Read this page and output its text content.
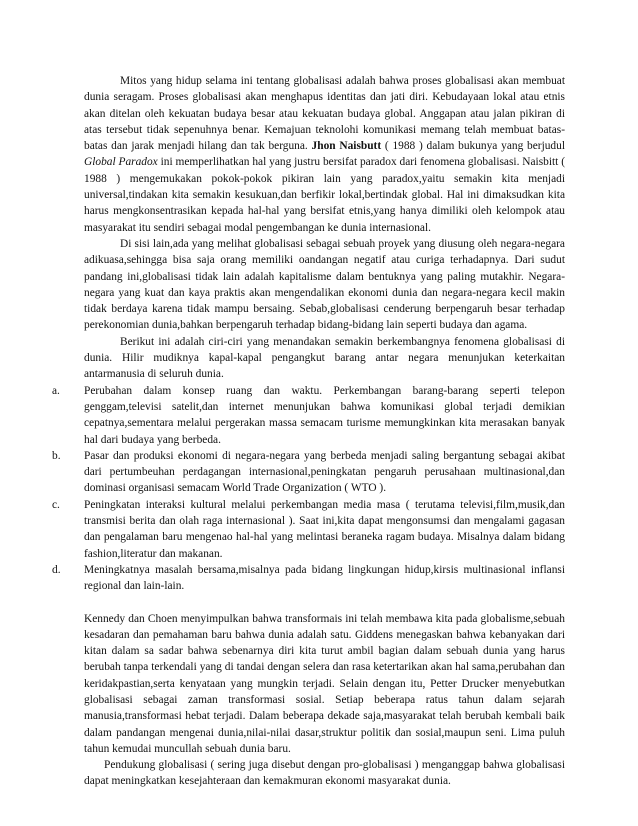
Mitos yang hidup selama ini tentang globalisasi adalah bahwa proses globalisasi akan membuat dunia seragam. Proses globalisasi akan menghapus identitas dan jati diri. Kebudayaan lokal atau etnis akan ditelan oleh kekuatan budaya besar atau kekuatan budaya global. Anggapan atau jalan pikiran di atas tersebut tidak sepenuhnya benar. Kemajuan teknolohi komunikasi memang telah membuat batas-batas dan jarak menjadi hilang dan tak berguna. Jhon Naisbutt ( 1988 ) dalam bukunya yang berjudul Global Paradox ini memperlihatkan hal yang justru bersifat paradox dari fenomena globalisasi. Naisbitt ( 1988 ) mengemukakan pokok-pokok pikiran lain yang paradox,yaitu semakin kita menjadi universal,tindakan kita semakin kesukuan,dan berfikir lokal,bertindak global. Hal ini dimaksudkan kita harus mengkonsentrasikan kepada hal-hal yang bersifat etnis,yang hanya dimiliki oleh kelompok atau masyarakat itu sendiri sebagai modal pengembangan ke dunia internasional.

Di sisi lain,ada yang melihat globalisasi sebagai sebuah proyek yang diusung oleh negara-negara adikuasa,sehingga bisa saja orang memiliki oandangan negatif atau curiga terhadapnya. Dari sudut pandang ini,globalisasi tidak lain adalah kapitalisme dalam bentuknya yang paling mutakhir. Negara-negara yang kuat dan kaya praktis akan mengendalikan ekonomi dunia dan negara-negara kecil makin tidak berdaya karena tidak mampu bersaing. Sebab,globalisasi cenderung berpengaruh besar terhadap perekonomian dunia,bahkan berpengaruh terhadap bidang-bidang lain seperti budaya dan agama.

Berikut ini adalah ciri-ciri yang menandakan semakin berkembangnya fenomena globalisasi di dunia. Hilir mudiknya kapal-kapal pengangkut barang antar negara menunjukan keterkaitan antarmanusia di seluruh dunia.

a. Perubahan dalam konsep ruang dan waktu. Perkembangan barang-barang seperti telepon genggam,televisi satelit,dan internet menunjukan bahwa komunikasi global terjadi demikian cepatnya,sementara melalui pergerakan massa semacam turisme memungkinkan kita merasakan banyak hal dari budaya yang berbeda.
b. Pasar dan produksi ekonomi di negara-negara yang berbeda menjadi saling bergantung sebagai akibat dari pertumbeuhan perdagangan internasional,peningkatan pengaruh perusahaan multinasional,dan dominasi organisasi semacam World Trade Organization ( WTO ).
c. Peningkatan interaksi kultural melalui perkembangan media masa ( terutama televisi,film,musik,dan transmisi berita dan olah raga internasional ). Saat ini,kita dapat mengonsumsi dan mengalami gagasan dan pengalaman baru mengenao hal-hal yang melintasi beraneka ragam budaya. Misalnya dalam bidang fashion,literatur dan makanan.
d. Meningkatnya masalah bersama,misalnya pada bidang lingkungan hidup,kirsis multinasional inflansi regional dan lain-lain.

Kennedy dan Choen menyimpulkan bahwa transformais ini telah membawa kita pada globalisme,sebuah kesadaran dan pemahaman baru bahwa dunia adalah satu. Giddens menegaskan bahwa kebanyakan dari kitan dalam sa sadar bahwa sebenarnya diri kita turut ambil bagian dalam sebuah dunia yang harus berubah tanpa terkendali yang di tandai dengan selera dan rasa ketertarikan akan hal sama,perubahan dan keridakpastian,serta kenyataan yang mungkin terjadi. Selain dengan itu, Petter Drucker menyebutkan globalisasi sebagai zaman transformasi sosial. Setiap beberapa ratus tahun dalam sejarah manusia,transformasi hebat terjadi. Dalam beberapa dekade saja,masyarakat telah berubah kembali baik dalam pandangan mengenai dunia,nilai-nilai dasar,struktur politik dan sosial,maupun seni. Lima puluh tahun kemudai muncullah sebuah dunia baru.

Pendukung globalisasi ( sering juga disebut dengan pro-globalisasi ) menganggap bahwa globalisasi dapat meningkatkan kesejahteraan dan kemakmuran ekonomi masyarakat dunia.
